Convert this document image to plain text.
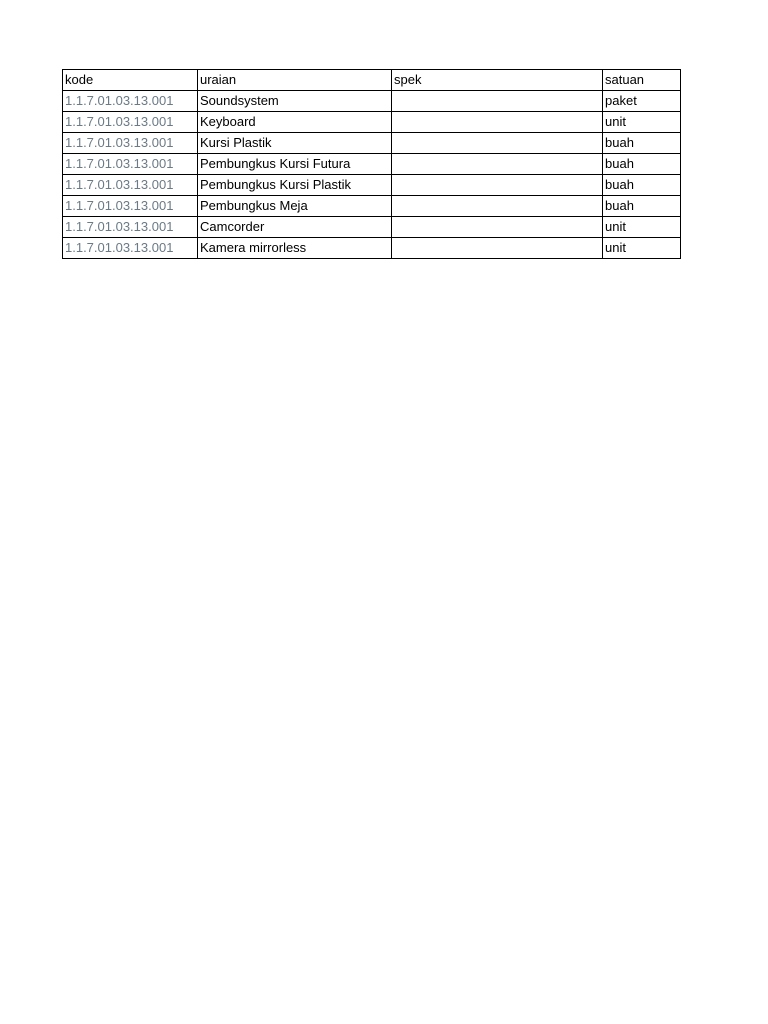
kode	uraian	spek	satuan
1.1.7.01.03.13.001	Soundsystem		paket
1.1.7.01.03.13.001	Keyboard		unit
1.1.7.01.03.13.001	Kursi Plastik		buah
1.1.7.01.03.13.001	Pembungkus Kursi Futura		buah
1.1.7.01.03.13.001	Pembungkus Kursi Plastik		buah
1.1.7.01.03.13.001	Pembungkus Meja		buah
1.1.7.01.03.13.001	Camcorder		unit
1.1.7.01.03.13.001	Kamera mirrorless		unit
